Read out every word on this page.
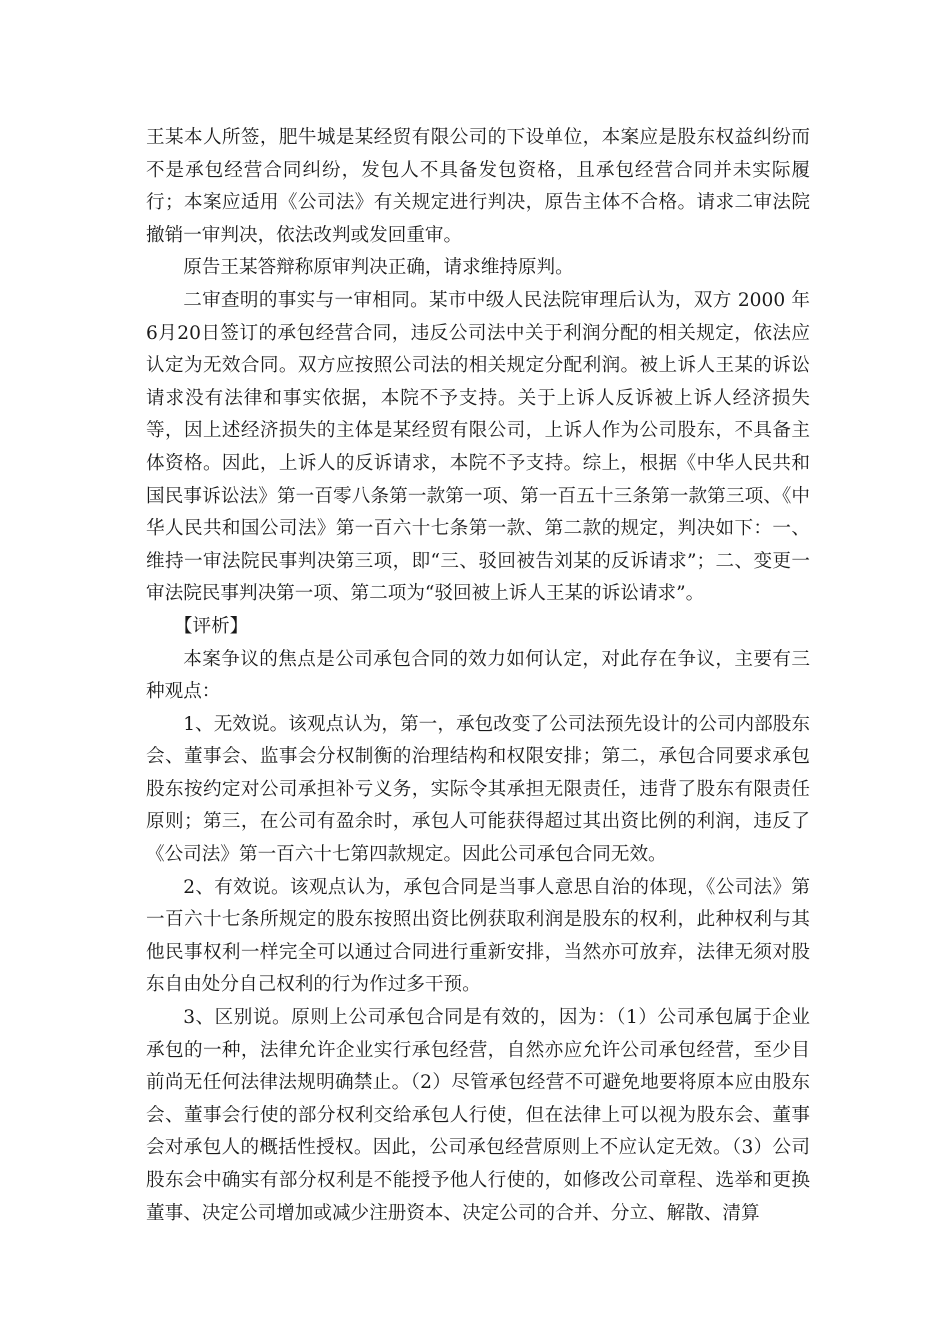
王某本人所签，肥牛城是某经贸有限公司的下设单位，本案应是股东权益纠纷而不是承包经营合同纠纷，发包人不具备发包资格，且承包经营合同并未实际履行；本案应适用《公司法》有关规定进行判决，原告主体不合格。请求二审法院撤销一审判决，依法改判或发回重审。

原告王某答辩称原审判决正确，请求维持原判。

二审查明的事实与一审相同。某市中级人民法院审理后认为，双方 2000 年6月20日签订的承包经营合同，违反公司法中关于利润分配的相关规定，依法应认定为无效合同。双方应按照公司法的相关规定分配利润。被上诉人王某的诉讼请求没有法律和事实依据，本院不予支持。关于上诉人反诉被上诉人经济损失等，因上述经济损失的主体是某经贸有限公司，上诉人作为公司股东，不具备主体资格。因此，上诉人的反诉请求，本院不予支持。综上，根据《中华人民共和国民事诉讼法》第一百零八条第一款第一项、第一百五十三条第一款第三项、《中华人民共和国公司法》第一百六十七条第一款、第二款的规定，判决如下：一、维持一审法院民事判决第三项，即“三、驳回被告刘某的反诉请求”；二、变更一审法院民事判决第一项、第二项为“驳回被上诉人王某的诉讼请求”。

【评析】

本案争议的焦点是公司承包合同的效力如何认定，对此存在争议，主要有三种观点：

1、无效说。该观点认为，第一，承包改变了公司法预先设计的公司内部股东会、董事会、监事会分权制衡的治理结构和权限安排；第二，承包合同要求承包股东按约定对公司承担补亏义务，实际令其承担无限责任，违背了股东有限责任原则；第三，在公司有盈余时，承包人可能获得超过其出资比例的利润，违反了《公司法》第一百六十七第四款规定。因此公司承包合同无效。

2、有效说。该观点认为，承包合同是当事人意思自治的体现，《公司法》第一百六十七条所规定的股东按照出资比例获取利润是股东的权利，此种权利与其他民事权利一样完全可以通过合同进行重新安排，当然亦可放弃，法律无须对股东自由处分自己权利的行为作过多干预。

3、区别说。原则上公司承包合同是有效的，因为：（1）公司承包属于企业承包的一种，法律允许企业实行承包经营，自然亦应允许公司承包经营，至少目前尚无任何法律法规明确禁止。（2）尽管承包经营不可避免地要将原本应由股东会、董事会行使的部分权利交给承包人行使，但在法律上可以视为股东会、董事会对承包人的概括性授权。因此，公司承包经营原则上不应认定无效。（3）公司股东会中确实有部分权利是不能授予他人行使的，如修改公司章程、选举和更换董事、决定公司增加或减少注册资本、决定公司的合并、分立、解散、清算
